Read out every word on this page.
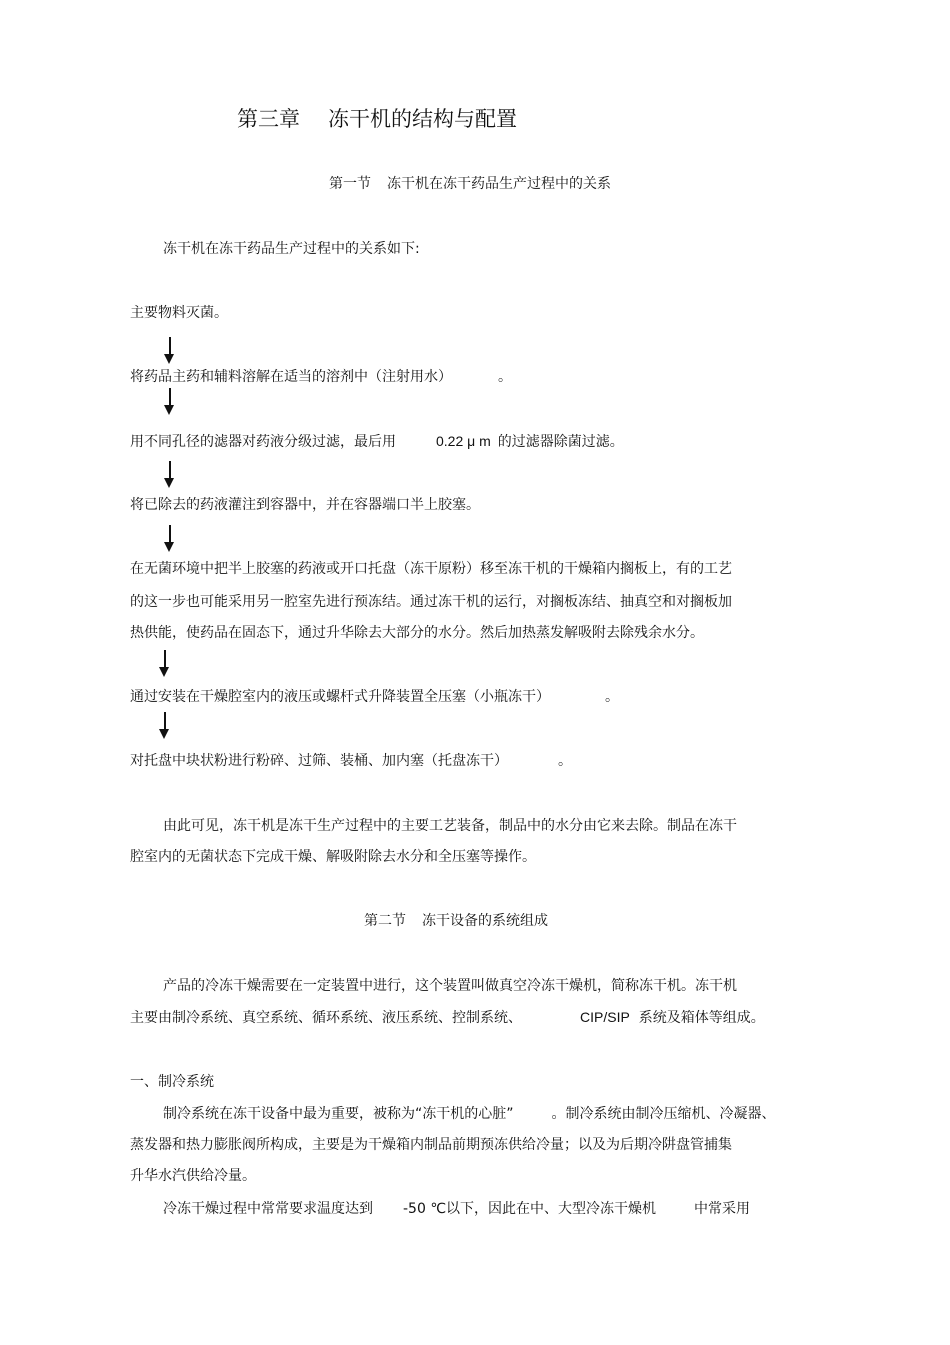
第三章 冻干机的结构与配置
第一节 冻干机在冻干药品生产过程中的关系
冻干机在冻干药品生产过程中的关系如下:
主要物料灭菌。
将药品主药和辅料溶解在适当的溶剂中（注射用水）	。
用不同孔径的滤器对药液分级过滤，最后用	0.22 μ m 的过滤器除菌过滤。
将已除去的药液灌注到容器中，并在容器端口半上胶塞。
在无菌环境中把半上胶塞的药液或开口托盘（冻干原粉）移至冻干机的干燥箱内搁板上，有的工艺
的这一步也可能采用另一腔室先进行预冻结。通过冻干机的运行，对搁板冻结、抽真空和对搁板加
热供能，使药品在固态下，通过升华除去大部分的水分。然后加热蒸发解吸附去除残余水分。
通过安装在干燥腔室内的液压或螺杆式升降装置全压塞（小瓶冻干）	。
对托盘中块状粉进行粉碎、过筛、装桶、加内塞（托盘冻干）	。
由此可见，冻干机是冻干生产过程中的主要工艺装备，制品中的水分由它来去除。制品在冻干
腔室内的无菌状态下完成干燥、解吸附除去水分和全压塞等操作。
第二节 冻干设备的系统组成
产品的冷冻干燥需要在一定装置中进行，这个装置叫做真空冷冻干燥机，简称冻干机。冻干机
主要由制冷系统、真空系统、循环系统、液压系统、控制系统、	CIP/SIP 系统及箱体等组成。
一、制冷系统
制冷系统在冻干设备中最为重要，被称为“冻干机的心脏”	。制冷系统由制冷压缩机、冷凝器、
蒸发器和热力膨胀阀所构成，主要是为干燥箱内制品前期预冻供给冷量；以及为后期冷阱盘管捕集
升华水汽供给冷量。
冷冻干燥过程中常常要求温度达到 -50 ℃以下，因此在中、大型冷冻干燥机	中常采用
